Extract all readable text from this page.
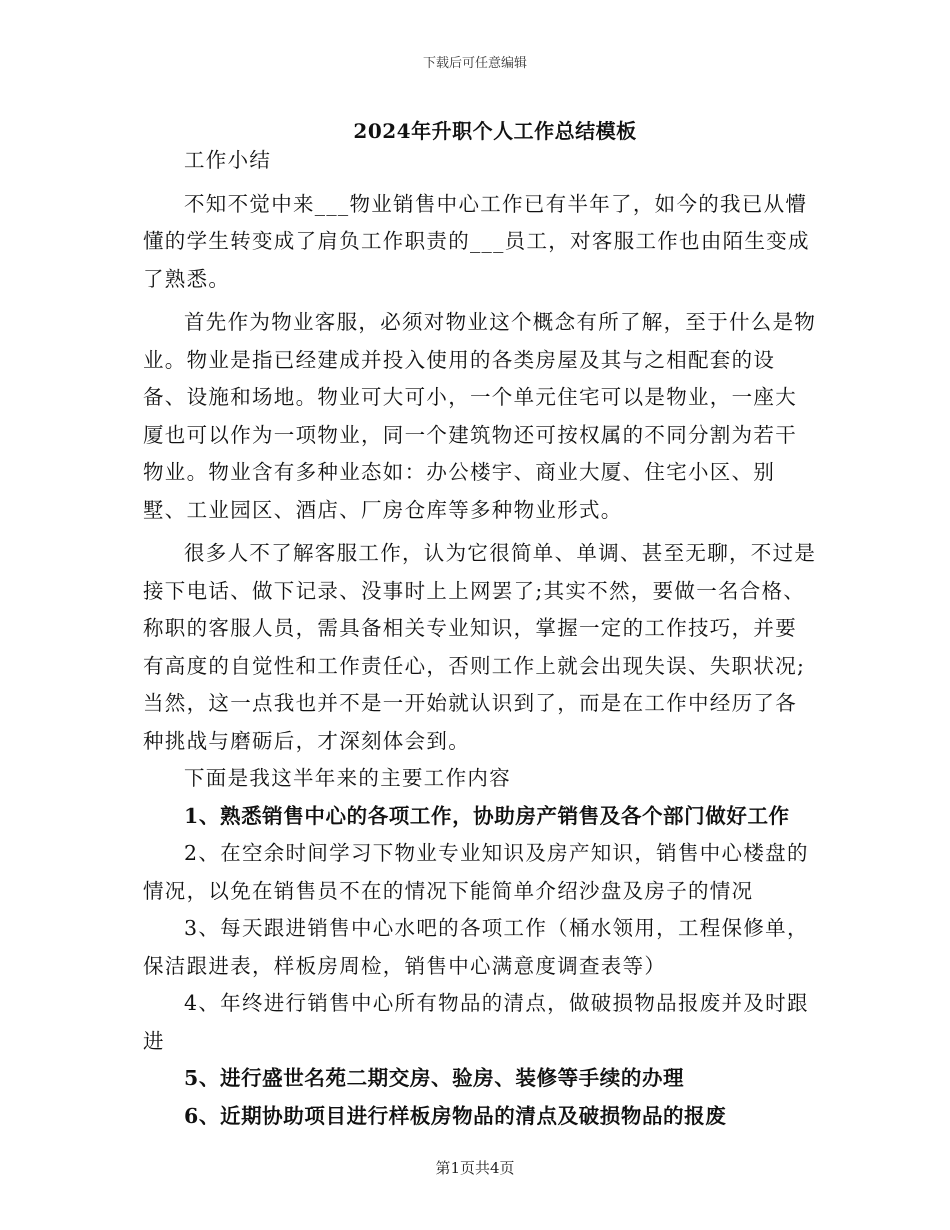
下载后可任意编辑
2024年升职个人工作总结模板

工作小结

不知不觉中来___物业销售中心工作已有半年了，如今的我已从懵懂的学生转变成了肩负工作职责的___员工，对客服工作也由陌生变成了熟悉。

首先作为物业客服，必须对物业这个概念有所了解，至于什么是物业。物业是指已经建成并投入使用的各类房屋及其与之相配套的设备、设施和场地。物业可大可小，一个单元住宅可以是物业，一座大厦也可以作为一项物业，同一个建筑物还可按权属的不同分割为若干物业。物业含有多种业态如：办公楼宇、商业大厦、住宅小区、别墅、工业园区、酒店、厂房仓库等多种物业形式。

很多人不了解客服工作，认为它很简单、单调、甚至无聊，不过是接下电话、做下记录、没事时上上网罢了;其实不然，要做一名合格、称职的客服人员，需具备相关专业知识，掌握一定的工作技巧，并要有高度的自觉性和工作责任心，否则工作上就会出现失误、失职状况;当然，这一点我也并不是一开始就认识到了，而是在工作中经历了各种挑战与磨砺后，才深刻体会到。

下面是我这半年来的主要工作内容

1、熟悉销售中心的各项工作，协助房产销售及各个部门做好工作

2、在空余时间学习下物业专业知识及房产知识，销售中心楼盘的情况，以免在销售员不在的情况下能简单介绍沙盘及房子的情况

3、每天跟进销售中心水吧的各项工作（桶水领用，工程保修单，保洁跟进表，样板房周检，销售中心满意度调查表等）

4、年终进行销售中心所有物品的清点，做破损物品报废并及时跟进

5、进行盛世名苑二期交房、验房、装修等手续的办理

6、近期协助项目进行样板房物品的清点及破损物品的报废

第1页共4页
